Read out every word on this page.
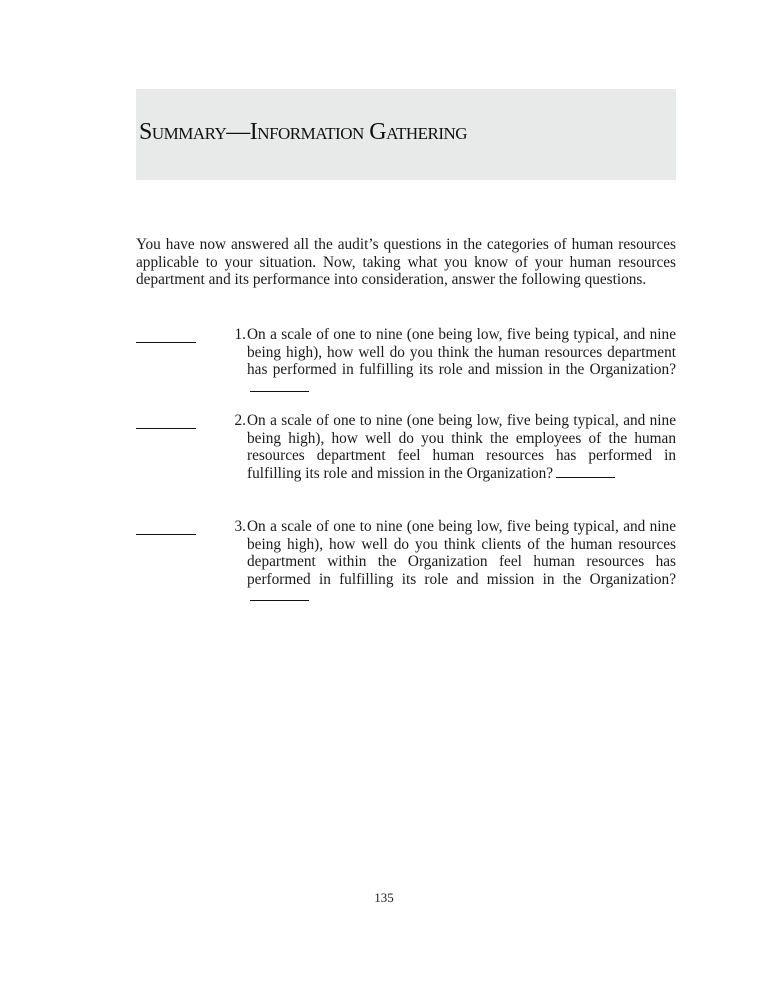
Summary—Information Gathering

You have now answered all the audit’s questions in the categories of human resources applicable to your situation. Now, taking what you know of your human resources department and its performance into consideration, answer the following questions.

1. On a scale of one to nine (one being low, five being typical, and nine being high), how well do you think the human resources department has performed in fulfilling its role and mission in the Organization?

2. On a scale of one to nine (one being low, five being typical, and nine being high), how well do you think the employees of the human resources department feel human resources has performed in fulfilling its role and mission in the Organization?

3. On a scale of one to nine (one being low, five being typical, and nine being high), how well do you think clients of the human resources department within the Organization feel human resources has performed in fulfilling its role and mission in the Organization?

135
